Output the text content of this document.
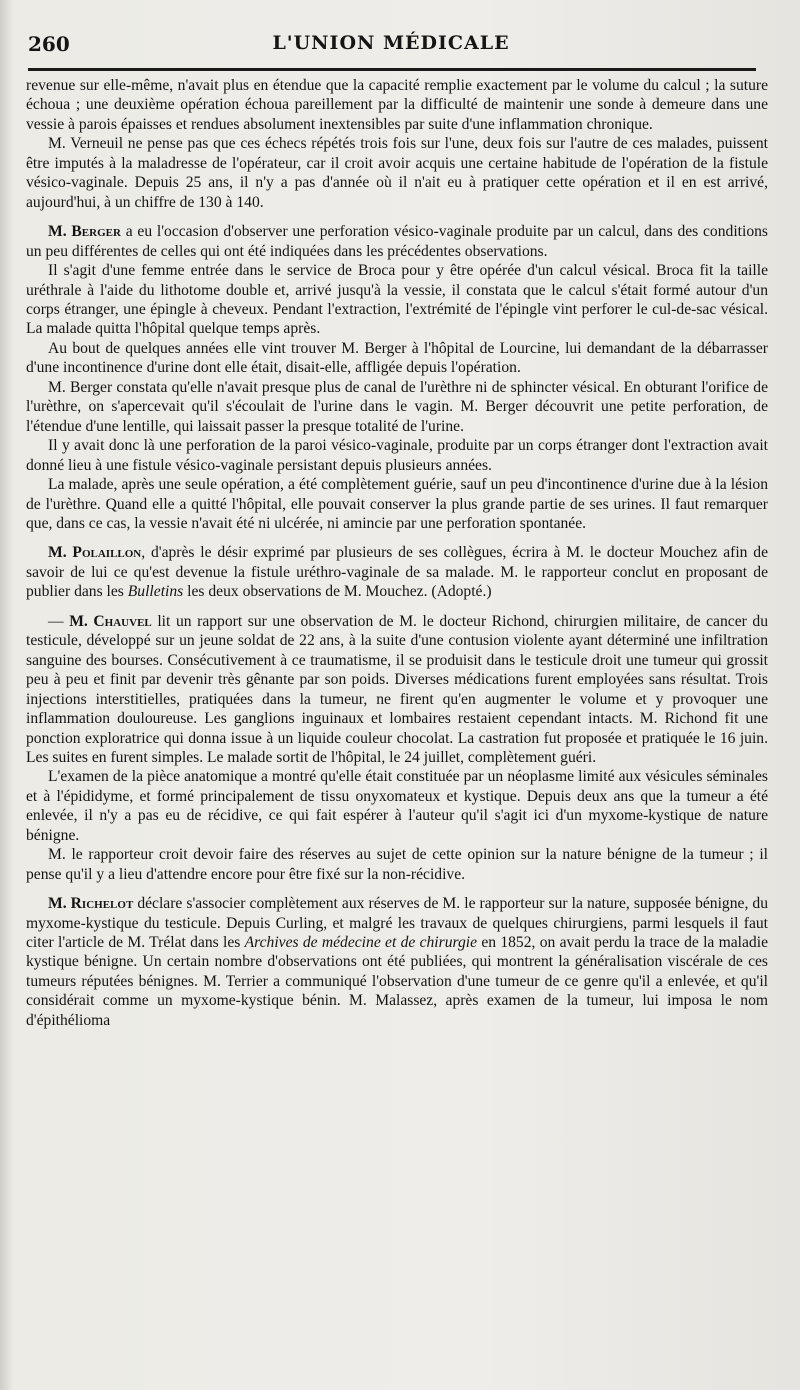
260	L'UNION MÉDICALE

revenue sur elle-même, n'avait plus en étendue que la capacité remplie exactement par le volume du calcul ; la suture échoua ; une deuxième opération échoua pareillement par la difficulté de maintenir une sonde à demeure dans une vessie à parois épaisses et rendues absolument inextensibles par suite d'une inflammation chronique.

M. Verneuil ne pense pas que ces échecs répétés trois fois sur l'une, deux fois sur l'autre de ces malades, puissent être imputés à la maladresse de l'opérateur, car il croit avoir acquis une certaine habitude de l'opération de la fistule vésico-vaginale. Depuis 25 ans, il n'y a pas d'année où il n'ait eu à pratiquer cette opération et il en est arrivé, aujourd'hui, à un chiffre de 130 à 140.

M. Berger a eu l'occasion d'observer une perforation vésico-vaginale produite par un calcul, dans des conditions un peu différentes de celles qui ont été indiquées dans les précédentes observations.

Il s'agit d'une femme entrée dans le service de Broca pour y être opérée d'un calcul vésical. Broca fit la taille uréthrale à l'aide du lithotome double et, arrivé jusqu'à la vessie, il constata que le calcul s'était formé autour d'un corps étranger, une épingle à cheveux. Pendant l'extraction, l'extrémité de l'épingle vint perforer le cul-de-sac vésical. La malade quitta l'hôpital quelque temps après.

Au bout de quelques années elle vint trouver M. Berger à l'hôpital de Lourcine, lui demandant de la débarrasser d'une incontinence d'urine dont elle était, disait-elle, affligée depuis l'opération.

M. Berger constata qu'elle n'avait presque plus de canal de l'urèthre ni de sphincter vésical. En obturant l'orifice de l'urèthre, on s'apercevait qu'il s'écoulait de l'urine dans le vagin. M. Berger découvrit une petite perforation, de l'étendue d'une lentille, qui laissait passer la presque totalité de l'urine.

Il y avait donc là une perforation de la paroi vésico-vaginale, produite par un corps étranger dont l'extraction avait donné lieu à une fistule vésico-vaginale persistant depuis plusieurs années.

La malade, après une seule opération, a été complètement guérie, sauf un peu d'incontinence d'urine due à la lésion de l'urèthre. Quand elle a quitté l'hôpital, elle pouvait conserver la plus grande partie de ses urines. Il faut remarquer que, dans ce cas, la vessie n'avait été ni ulcérée, ni amincie par une perforation spontanée.

M. Polaillon, d'après le désir exprimé par plusieurs de ses collègues, écrira à M. le docteur Mouchez afin de savoir de lui ce qu'est devenue la fistule uréthro-vaginale de sa malade. M. le rapporteur conclut en proposant de publier dans les Bulletins les deux observations de M. Mouchez. (Adopté.)

— M. Chauvel lit un rapport sur une observation de M. le docteur Richond, chirurgien militaire, de cancer du testicule, développé sur un jeune soldat de 22 ans, à la suite d'une contusion violente ayant déterminé une infiltration sanguine des bourses. Consécutivement à ce traumatisme, il se produisit dans le testicule droit une tumeur qui grossit peu à peu et finit par devenir très gênante par son poids. Diverses médications furent employées sans résultat. Trois injections interstitielles, pratiquées dans la tumeur, ne firent qu'en augmenter le volume et y provoquer une inflammation douloureuse. Les ganglions inguinaux et lombaires restaient cependant intacts. M. Richond fit une ponction exploratrice qui donna issue à un liquide couleur chocolat. La castration fut proposée et pratiquée le 16 juin. Les suites en furent simples. Le malade sortit de l'hôpital, le 24 juillet, complètement guéri.

L'examen de la pièce anatomique a montré qu'elle était constituée par un néoplasme limité aux vésicules séminales et à l'épididyme, et formé principalement de tissu onyxomateux et kystique. Depuis deux ans que la tumeur a été enlevée, il n'y a pas eu de récidive, ce qui fait espérer à l'auteur qu'il s'agit ici d'un myxome-kystique de nature bénigne.

M. le rapporteur croit devoir faire des réserves au sujet de cette opinion sur la nature bénigne de la tumeur ; il pense qu'il y a lieu d'attendre encore pour être fixé sur la non-récidive.

M. Richelot déclare s'associer complètement aux réserves de M. le rapporteur sur la nature, supposée bénigne, du myxome-kystique du testicule. Depuis Curling, et malgré les travaux de quelques chirurgiens, parmi lesquels il faut citer l'article de M. Trélat dans les Archives de médecine et de chirurgie en 1852, on avait perdu la trace de la maladie kystique bénigne. Un certain nombre d'observations ont été publiées, qui montrent la généralisation viscérale de ces tumeurs réputées bénignes. M. Terrier a communiqué l'observation d'une tumeur de ce genre qu'il a enlevée, et qu'il considérait comme un myxome-kystique bénin. M. Malassez, après examen de la tumeur, lui imposa le nom d'épithélioma
